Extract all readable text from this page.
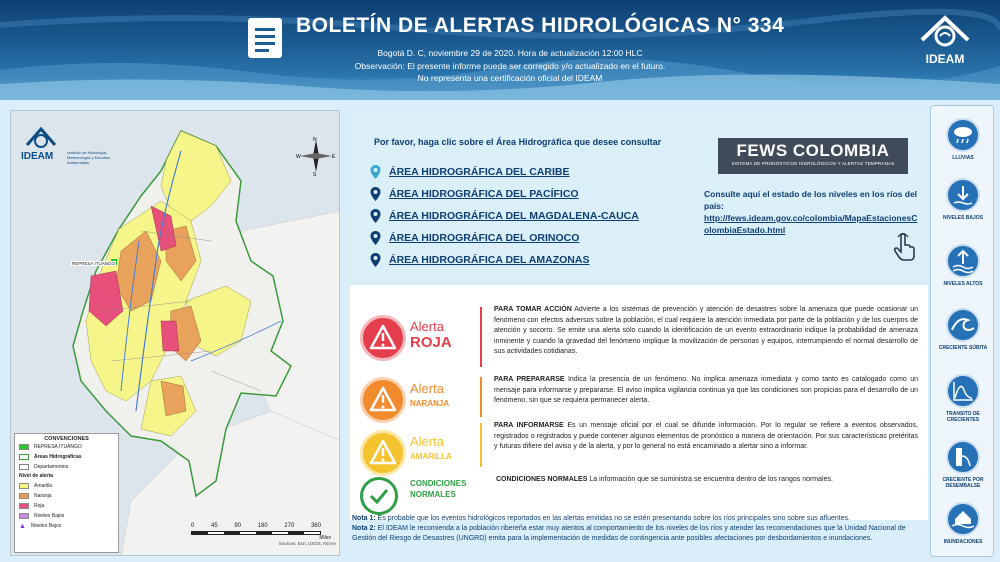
BOLETÍN DE ALERTAS HIDROLÓGICAS N° 334
Bogotá D. C, noviembre 29 de 2020. Hora de actualización 12:00 HLC
Observación: El presente informe puede ser corregido y/o actualizado en el futuro.
No representa una certificación oficial del IDEAM
IDEAM
IDEAM	Instituto de Hidrología, Meteorología y Estudios Ambientales
REPRESA ITUANGO
N
S
W	E
CONVENCIONES
REPRESA ITUANGO
Áreas Hidrográficas
Departamentos
Nivel de alerta
Amarilla
Naranja
Roja
Niveles Bajos
▲ Niveles Bajos	0	45	90	180	270	360
Miles
Sources: Esri, USGS, NOAA
Por favor, haga clic sobre el Área Hidrográfica que desee consultar
ÁREA HIDROGRÁFICA DEL CARIBE
ÁREA HIDROGRÁFICA DEL PACÍFICO
ÁREA HIDROGRÁFICA DEL MAGDALENA-CAUCA
ÁREA HIDROGRÁFICA DEL ORINOCO
ÁREA HIDROGRÁFICA DEL AMAZONAS
FEWS COLOMBIA
SISTEMA DE PRONÓSTICOS HIDROLÓGICOS Y ALERTAS TEMPRANAS
Consulte aquí el estado de los niveles en los ríos del país:

http://fews.ideam.gov.co/colombia/MapaEstacionesColombiaEstado.html
LLUVIAS
NIVELES BAJOS
NIVELES ALTOS
CRECIENTE SÚBITA
TRANSITO DE CRECIENTES
CRECIENTE POR DESEMBALSE
INUNDACIONES
Alerta
ROJA
PARA TOMAR ACCIÓN Advierte a los sistemas de prevención y atención de desastres sobre la amenaza que puede ocasionar un fenómeno con efectos adversos sobre la población, el cual requiere la atención inmediata por parte de la población y de los cuerpos de atención y socorro. Se emite una alerta sólo cuando la identificación de un evento extraordinario indique la probabilidad de amenaza inminente y cuando la gravedad del fenómeno implique la movilización de personas y equipos, interrumpiendo el normal desarrollo de sus actividades cotidianas.
Alerta
NARANJA
PARA PREPARARSE Indica la presencia de un fenómeno. No implica amenaza inmediata y como tanto es catalogado como un mensaje para informarse y prepararse. El aviso implica vigilancia continua ya que las condiciones son propicias para el desarrollo de un fenómeno, sin que se requiera permanecer alerta.
Alerta
AMARILLA
PARA INFORMARSE Es un mensaje oficial por el cual se difunde información. Por lo regular se refiere a eventos observados, registrados o registrados y puede contener algunos elementos de pronóstico a manera de orientación. Por sus características pretéritas y futuras difiere del aviso y de la alerta, y por lo general no está encaminado a alertar sino a informar.
CONDICIONES
NORMALES
CONDICIONES NORMALES La información que se suministra se encuentra dentro de los rangos normales.
Nota 1: Es probable que los eventos hidrológicos reportados en las alertas emitidas no se estén presentando sobre los ríos principales sino sobre sus afluentes.
Nota 2: El IDEAM le recomienda a la población ribereña estar muy atentos al comportamiento de los niveles de los ríos y atender las recomendaciones que la Unidad Nacional de Gestión del Riesgo de Desastres (UNGRD) emita para la implementación de medidas de contingencia ante posibles afectaciones por desbordamientos e inundaciones.
